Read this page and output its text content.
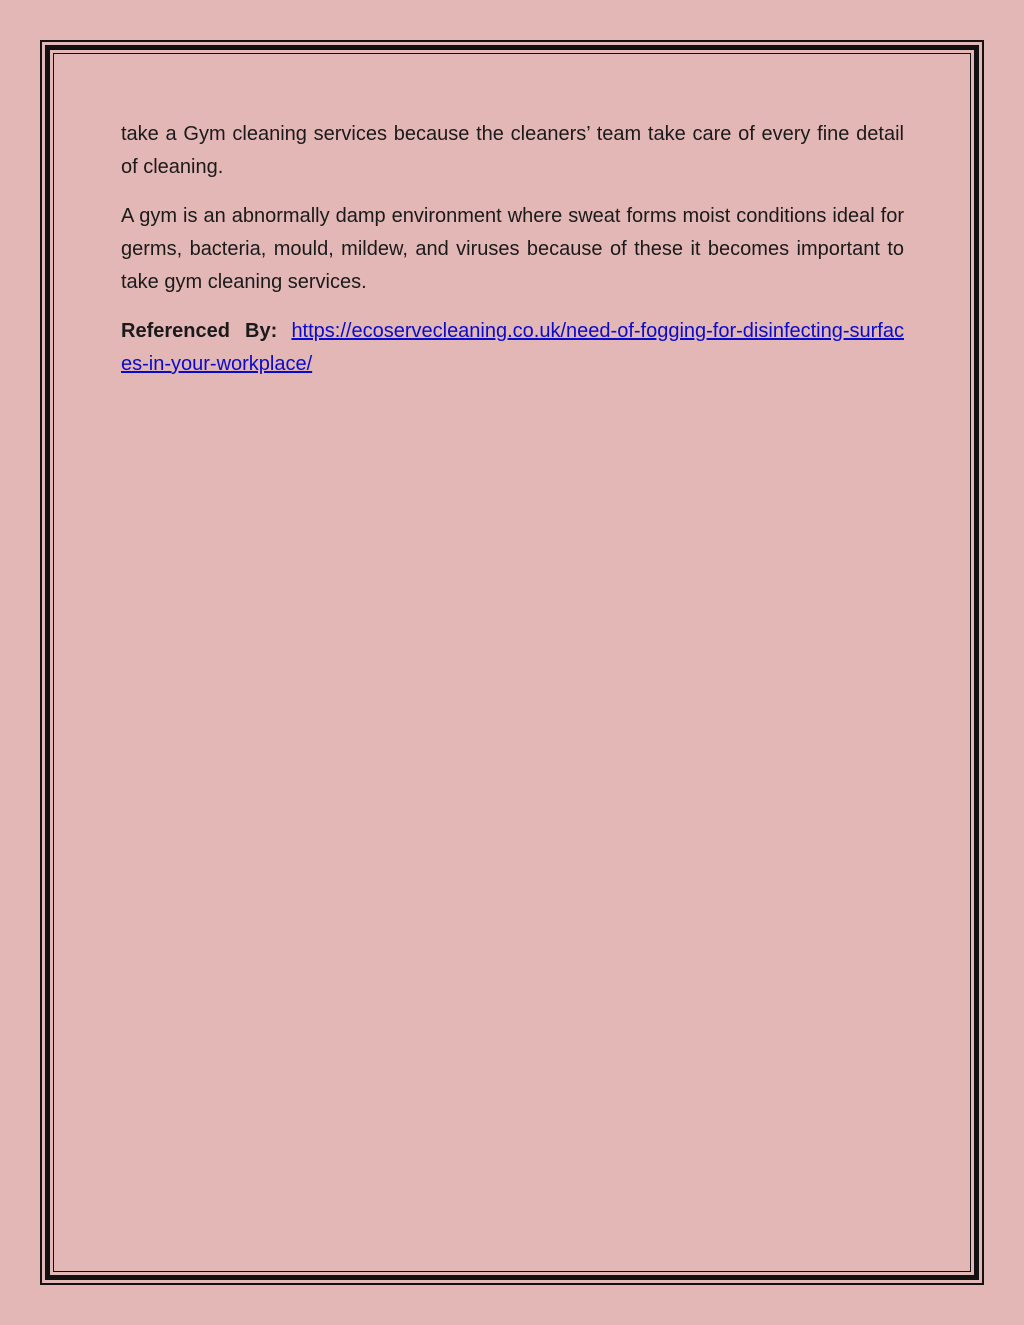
take a Gym cleaning services because the cleaners’ team take care of every fine detail of cleaning.

A gym is an abnormally damp environment where sweat forms moist conditions ideal for germs, bacteria, mould, mildew, and viruses because of these it becomes important to take gym cleaning services.

Referenced By: https://ecoservecleaning.co.uk/need-of-fogging-for-disinfecting-surfaces-in-your-workplace/
